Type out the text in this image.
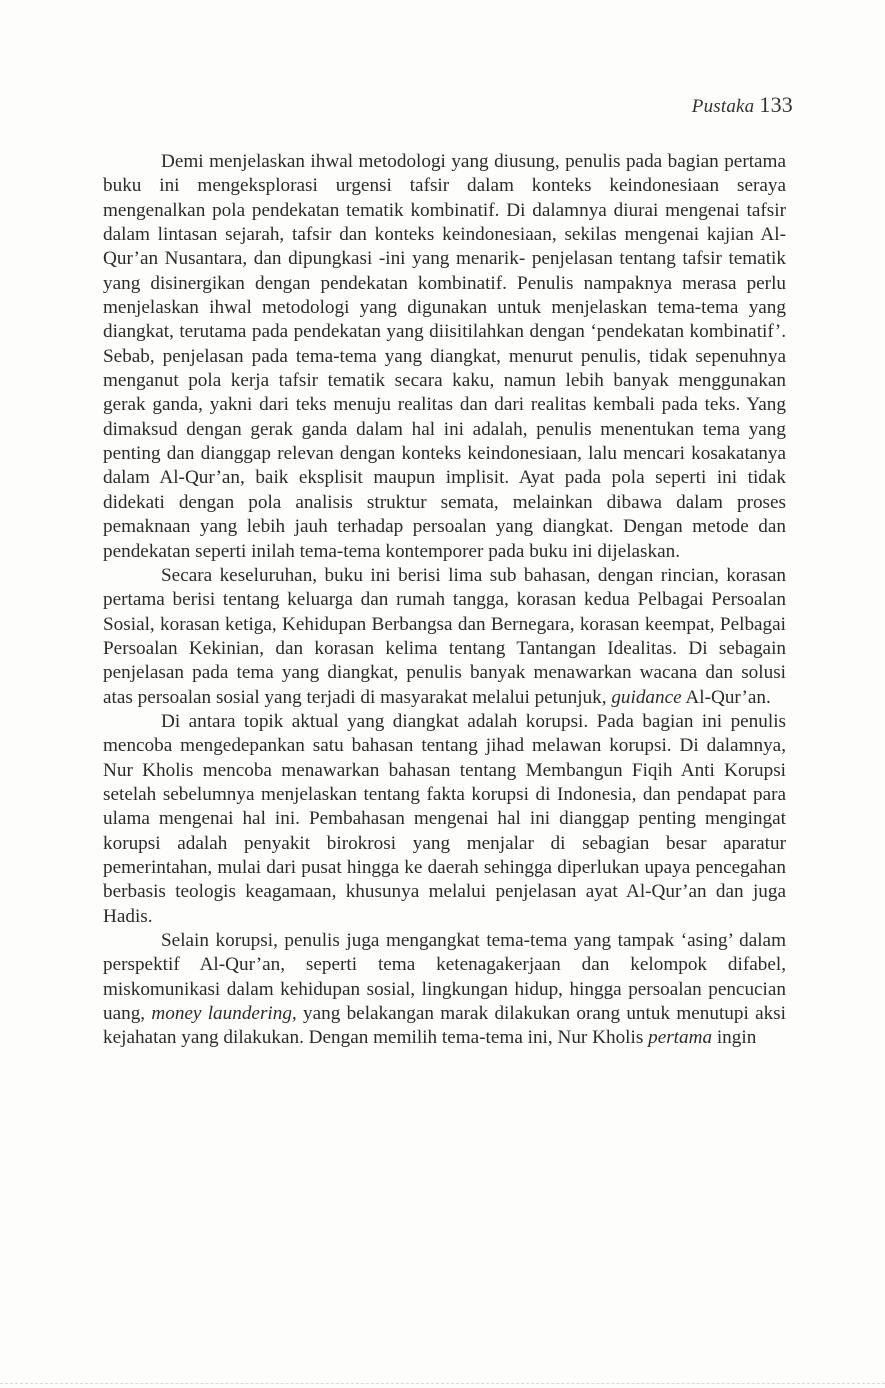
Pustaka 133

Demi menjelaskan ihwal metodologi yang diusung, penulis pada bagian pertama buku ini mengeksplorasi urgensi tafsir dalam konteks keindonesiaan seraya mengenalkan pola pendekatan tematik kombinatif. Di dalamnya diurai mengenai tafsir dalam lintasan sejarah, tafsir dan konteks keindonesiaan, sekilas mengenai kajian Al-Qur’an Nusantara, dan dipungkasi -ini yang menarik- penjelasan tentang tafsir tematik yang disinergikan dengan pendekatan kombinatif. Penulis nampaknya merasa perlu menjelaskan ihwal metodologi yang digunakan untuk menjelaskan tema-tema yang diangkat, terutama pada pendekatan yang diisitilahkan dengan ‘pendekatan kombinatif’. Sebab, penjelasan pada tema-tema yang diangkat, menurut penulis, tidak sepenuhnya menganut pola kerja tafsir tematik secara kaku, namun lebih banyak menggunakan gerak ganda, yakni dari teks menuju realitas dan dari realitas kembali pada teks. Yang dimaksud dengan gerak ganda dalam hal ini adalah, penulis menentukan tema yang penting dan dianggap relevan dengan konteks keindonesiaan, lalu mencari kosakatanya dalam Al-Qur’an, baik eksplisit maupun implisit. Ayat pada pola seperti ini tidak didekati dengan pola analisis struktur semata, melainkan dibawa dalam proses pemaknaan yang lebih jauh terhadap persoalan yang diangkat. Dengan metode dan pendekatan seperti inilah tema-tema kontemporer pada buku ini dijelaskan.

Secara keseluruhan, buku ini berisi lima sub bahasan, dengan rincian, korasan pertama berisi tentang keluarga dan rumah tangga, korasan kedua Pelbagai Persoalan Sosial, korasan ketiga, Kehidupan Berbangsa dan Bernegara, korasan keempat, Pelbagai Persoalan Kekinian, dan korasan kelima tentang Tantangan Idealitas. Di sebagain penjelasan pada tema yang diangkat, penulis banyak menawarkan wacana dan solusi atas persoalan sosial yang terjadi di masyarakat melalui petunjuk, guidance Al-Qur’an.

Di antara topik aktual yang diangkat adalah korupsi. Pada bagian ini penulis mencoba mengedepankan satu bahasan tentang jihad melawan korupsi. Di dalamnya, Nur Kholis mencoba menawarkan bahasan tentang Membangun Fiqih Anti Korupsi setelah sebelumnya menjelaskan tentang fakta korupsi di Indonesia, dan pendapat para ulama mengenai hal ini. Pembahasan mengenai hal ini dianggap penting mengingat korupsi adalah penyakit birokrosi yang menjalar di sebagian besar aparatur pemerintahan, mulai dari pusat hingga ke daerah sehingga diperlukan upaya pencegahan berbasis teologis keagamaan, khusunya melalui penjelasan ayat Al-Qur’an dan juga Hadis.

Selain korupsi, penulis juga mengangkat tema-tema yang tampak ‘asing’ dalam perspektif Al-Qur’an, seperti tema ketenagakerjaan dan kelompok difabel, miskomunikasi dalam kehidupan sosial, lingkungan hidup, hingga persoalan pencucian uang, money laundering, yang belakangan marak dilakukan orang untuk menutupi aksi kejahatan yang dilakukan. Dengan memilih tema-tema ini, Nur Kholis pertama ingin
